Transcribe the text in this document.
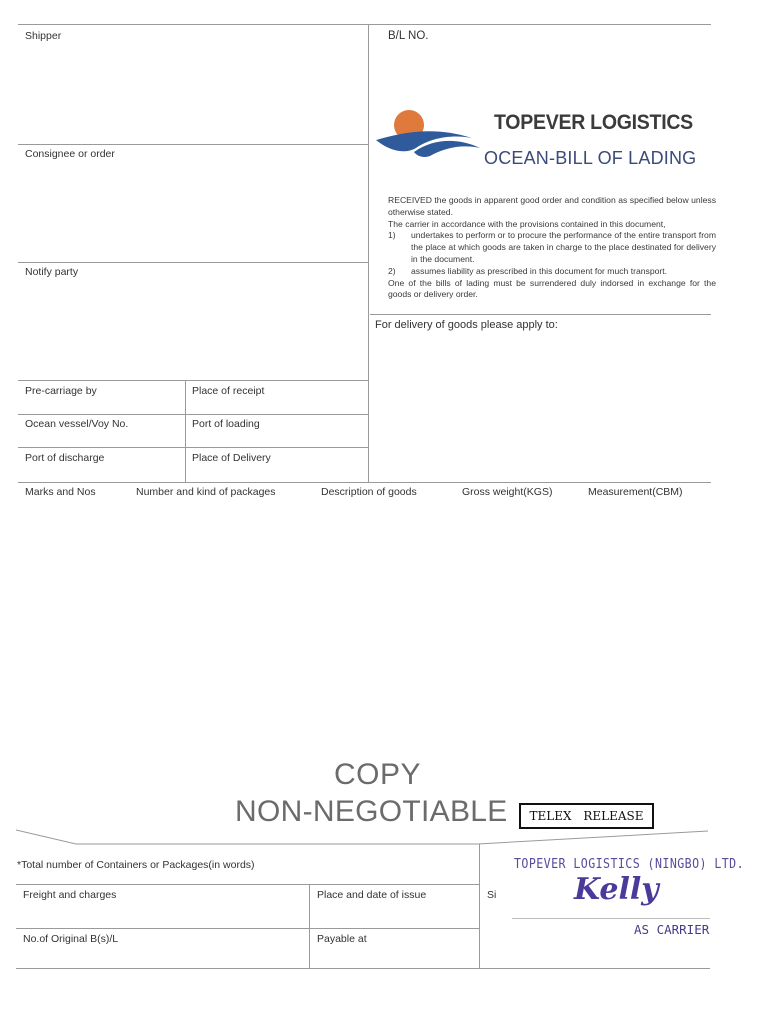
Shipper	B/L NO.
Consignee or order
Notify party
TOPEVER LOGISTICS
OCEAN-BILL OF LADING

RECEIVED the goods in apparent good order and condition as specified below unless otherwise stated.

The carrier in accordance with the provisions contained in this document,

1)	undertakes to perform or to procure the performance of the entire transport from the place at which goods are taken in charge to the place destinated for delivery in the document.

2)	assumes liability as prescribed in this document for much transport.

One of the bills of lading must be surrendered duly indorsed in exchange for the goods or delivery order.

For delivery of goods please apply to:
Pre-carriage by	Place of receipt
Ocean vessel/Voy No.	Port of loading
Port of discharge	Place of Delivery
Marks and Nos	Number and kind of packages	Description of goods	Gross weight(KGS)	Measurement(CBM)
COPY
NON-NEGOTIABLE	TELEX RELEASE
*Total number of Containers or Packages(in words)
Freight and charges	Place and date of issue	Si
No.of Original B(s)/L	Payable at
TOPEVER LOGISTICS (NINGBO) LTD.
Kelly
AS CARRIER
